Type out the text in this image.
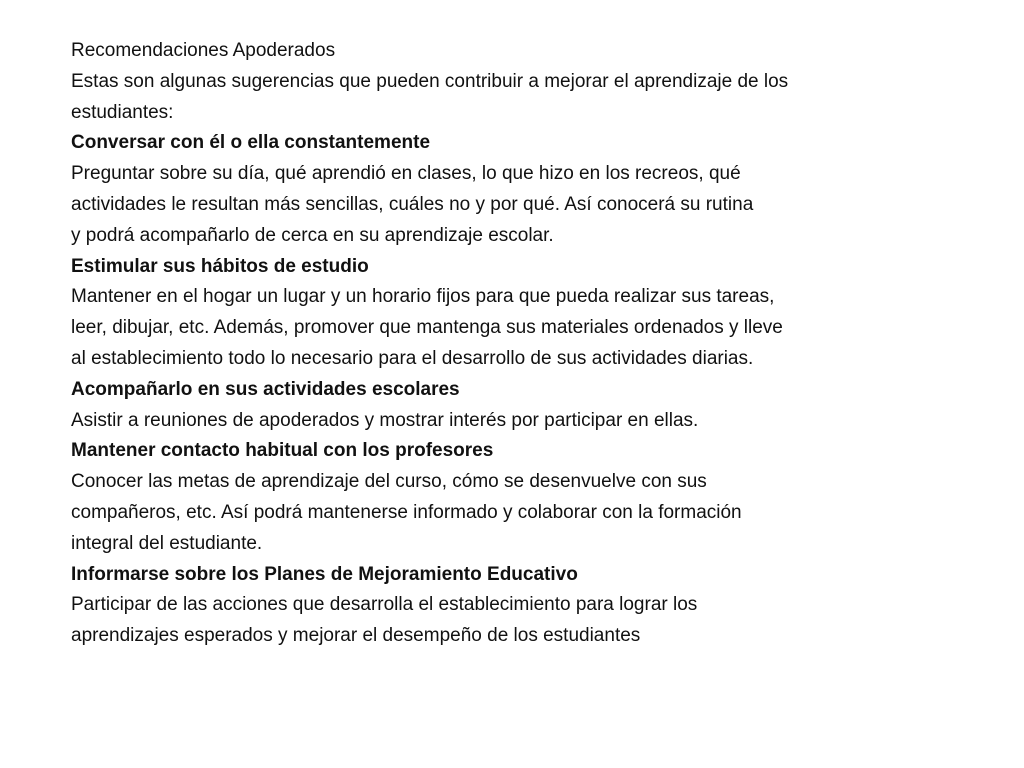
Recomendaciones Apoderados
Estas son algunas sugerencias que pueden contribuir a mejorar el aprendizaje de los
estudiantes:
Conversar con él o ella constantemente
Preguntar sobre su día, qué aprendió en clases, lo que hizo en los recreos, qué
actividades le resultan más sencillas, cuáles no y por qué. Así conocerá su rutina
y podrá acompañarlo de cerca en su aprendizaje escolar.
Estimular sus hábitos de estudio
Mantener en el hogar un lugar y un horario fijos para que pueda realizar sus tareas,
leer, dibujar, etc. Además, promover que mantenga sus materiales ordenados y lleve
al establecimiento todo lo necesario para el desarrollo de sus actividades diarias.
Acompañarlo en sus actividades escolares
Asistir a reuniones de apoderados y mostrar interés por participar en ellas.
Mantener contacto habitual con los profesores
Conocer las metas de aprendizaje del curso, cómo se desenvuelve con sus
compañeros, etc. Así podrá mantenerse informado y colaborar con la formación
integral del estudiante.
Informarse sobre los Planes de Mejoramiento Educativo
Participar de las acciones que desarrolla el establecimiento para lograr los
aprendizajes esperados y mejorar el desempeño de los estudiantes
